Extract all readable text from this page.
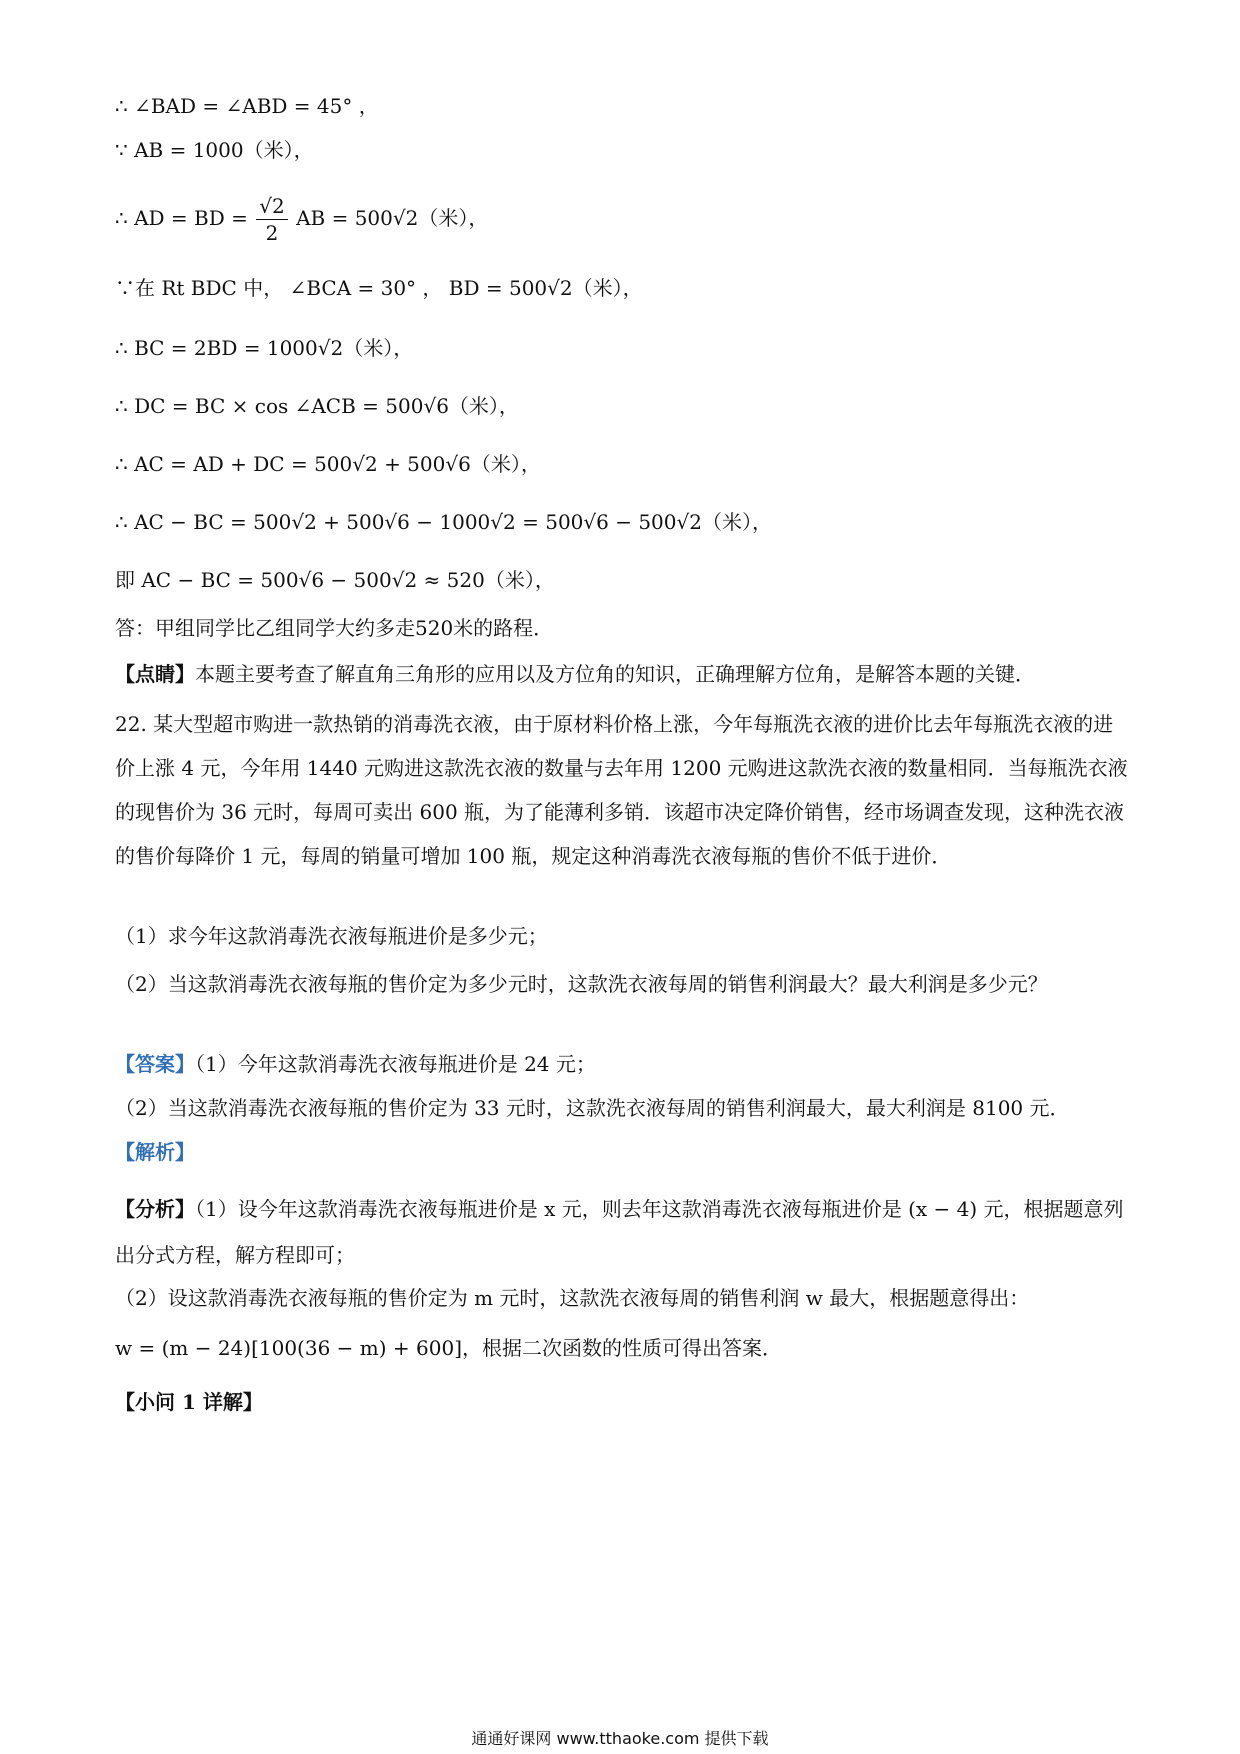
∴ ∠BAD = ∠ABD = 45° ，
∵ AB = 1000（米），
∴ AD = BD = $\frac{√2}{2}$ AB = 500√2（米），
∵在 Rt BDC 中， ∠BCA = 30° ， BD = 500√2（米），
∴ BC = 2BD = 1000√2（米），
∴ DC = BC × cos ∠ACB = 500√6（米），
∴ AC = AD + DC = 500√2 + 500√6（米），
∴ AC − BC = 500√2 + 500√6 − 1000√2 = 500√6 − 500√2（米），
即 AC − BC = 500√6 − 500√2 ≈ 520（米），
答：甲组同学比乙组同学大约多走520米的路程．
【点睛】本题主要考查了解直角三角形的应用以及方位角的知识，正确理解方位角，是解答本题的关键．
22. 某大型超市购进一款热销的消毒洗衣液，由于原材料价格上涨，今年每瓶洗衣液的进价比去年每瓶洗衣液的进价上涨 4 元，今年用 1440 元购进这款洗衣液的数量与去年用 1200 元购进这款洗衣液的数量相同．当每瓶洗衣液的现售价为 36 元时，每周可卖出 600 瓶，为了能薄利多销．该超市决定降价销售，经市场调查发现，这种洗衣液的售价每降价 1 元，每周的销量可增加 100 瓶，规定这种消毒洗衣液每瓶的售价不低于进价．
（1）求今年这款消毒洗衣液每瓶进价是多少元；
（2）当这款消毒洗衣液每瓶的售价定为多少元时，这款洗衣液每周的销售利润最大？最大利润是多少元？
【答案】（1）今年这款消毒洗衣液每瓶进价是 24 元；
（2）当这款消毒洗衣液每瓶的售价定为 33 元时，这款洗衣液每周的销售利润最大，最大利润是 8100 元．
【解析】
【分析】（1）设今年这款消毒洗衣液每瓶进价是 x 元，则去年这款消毒洗衣液每瓶进价是 (x − 4) 元，根据题意列出分式方程，解方程即可；
（2）设这款消毒洗衣液每瓶的售价定为 m 元时，这款洗衣液每周的销售利润 w 最大，根据题意得出：
w = (m − 24)[100(36 − m) + 600]，根据二次函数的性质可得出答案．
【小问 1 详解】
通通好课网 www.tthaoke.com 提供下载
